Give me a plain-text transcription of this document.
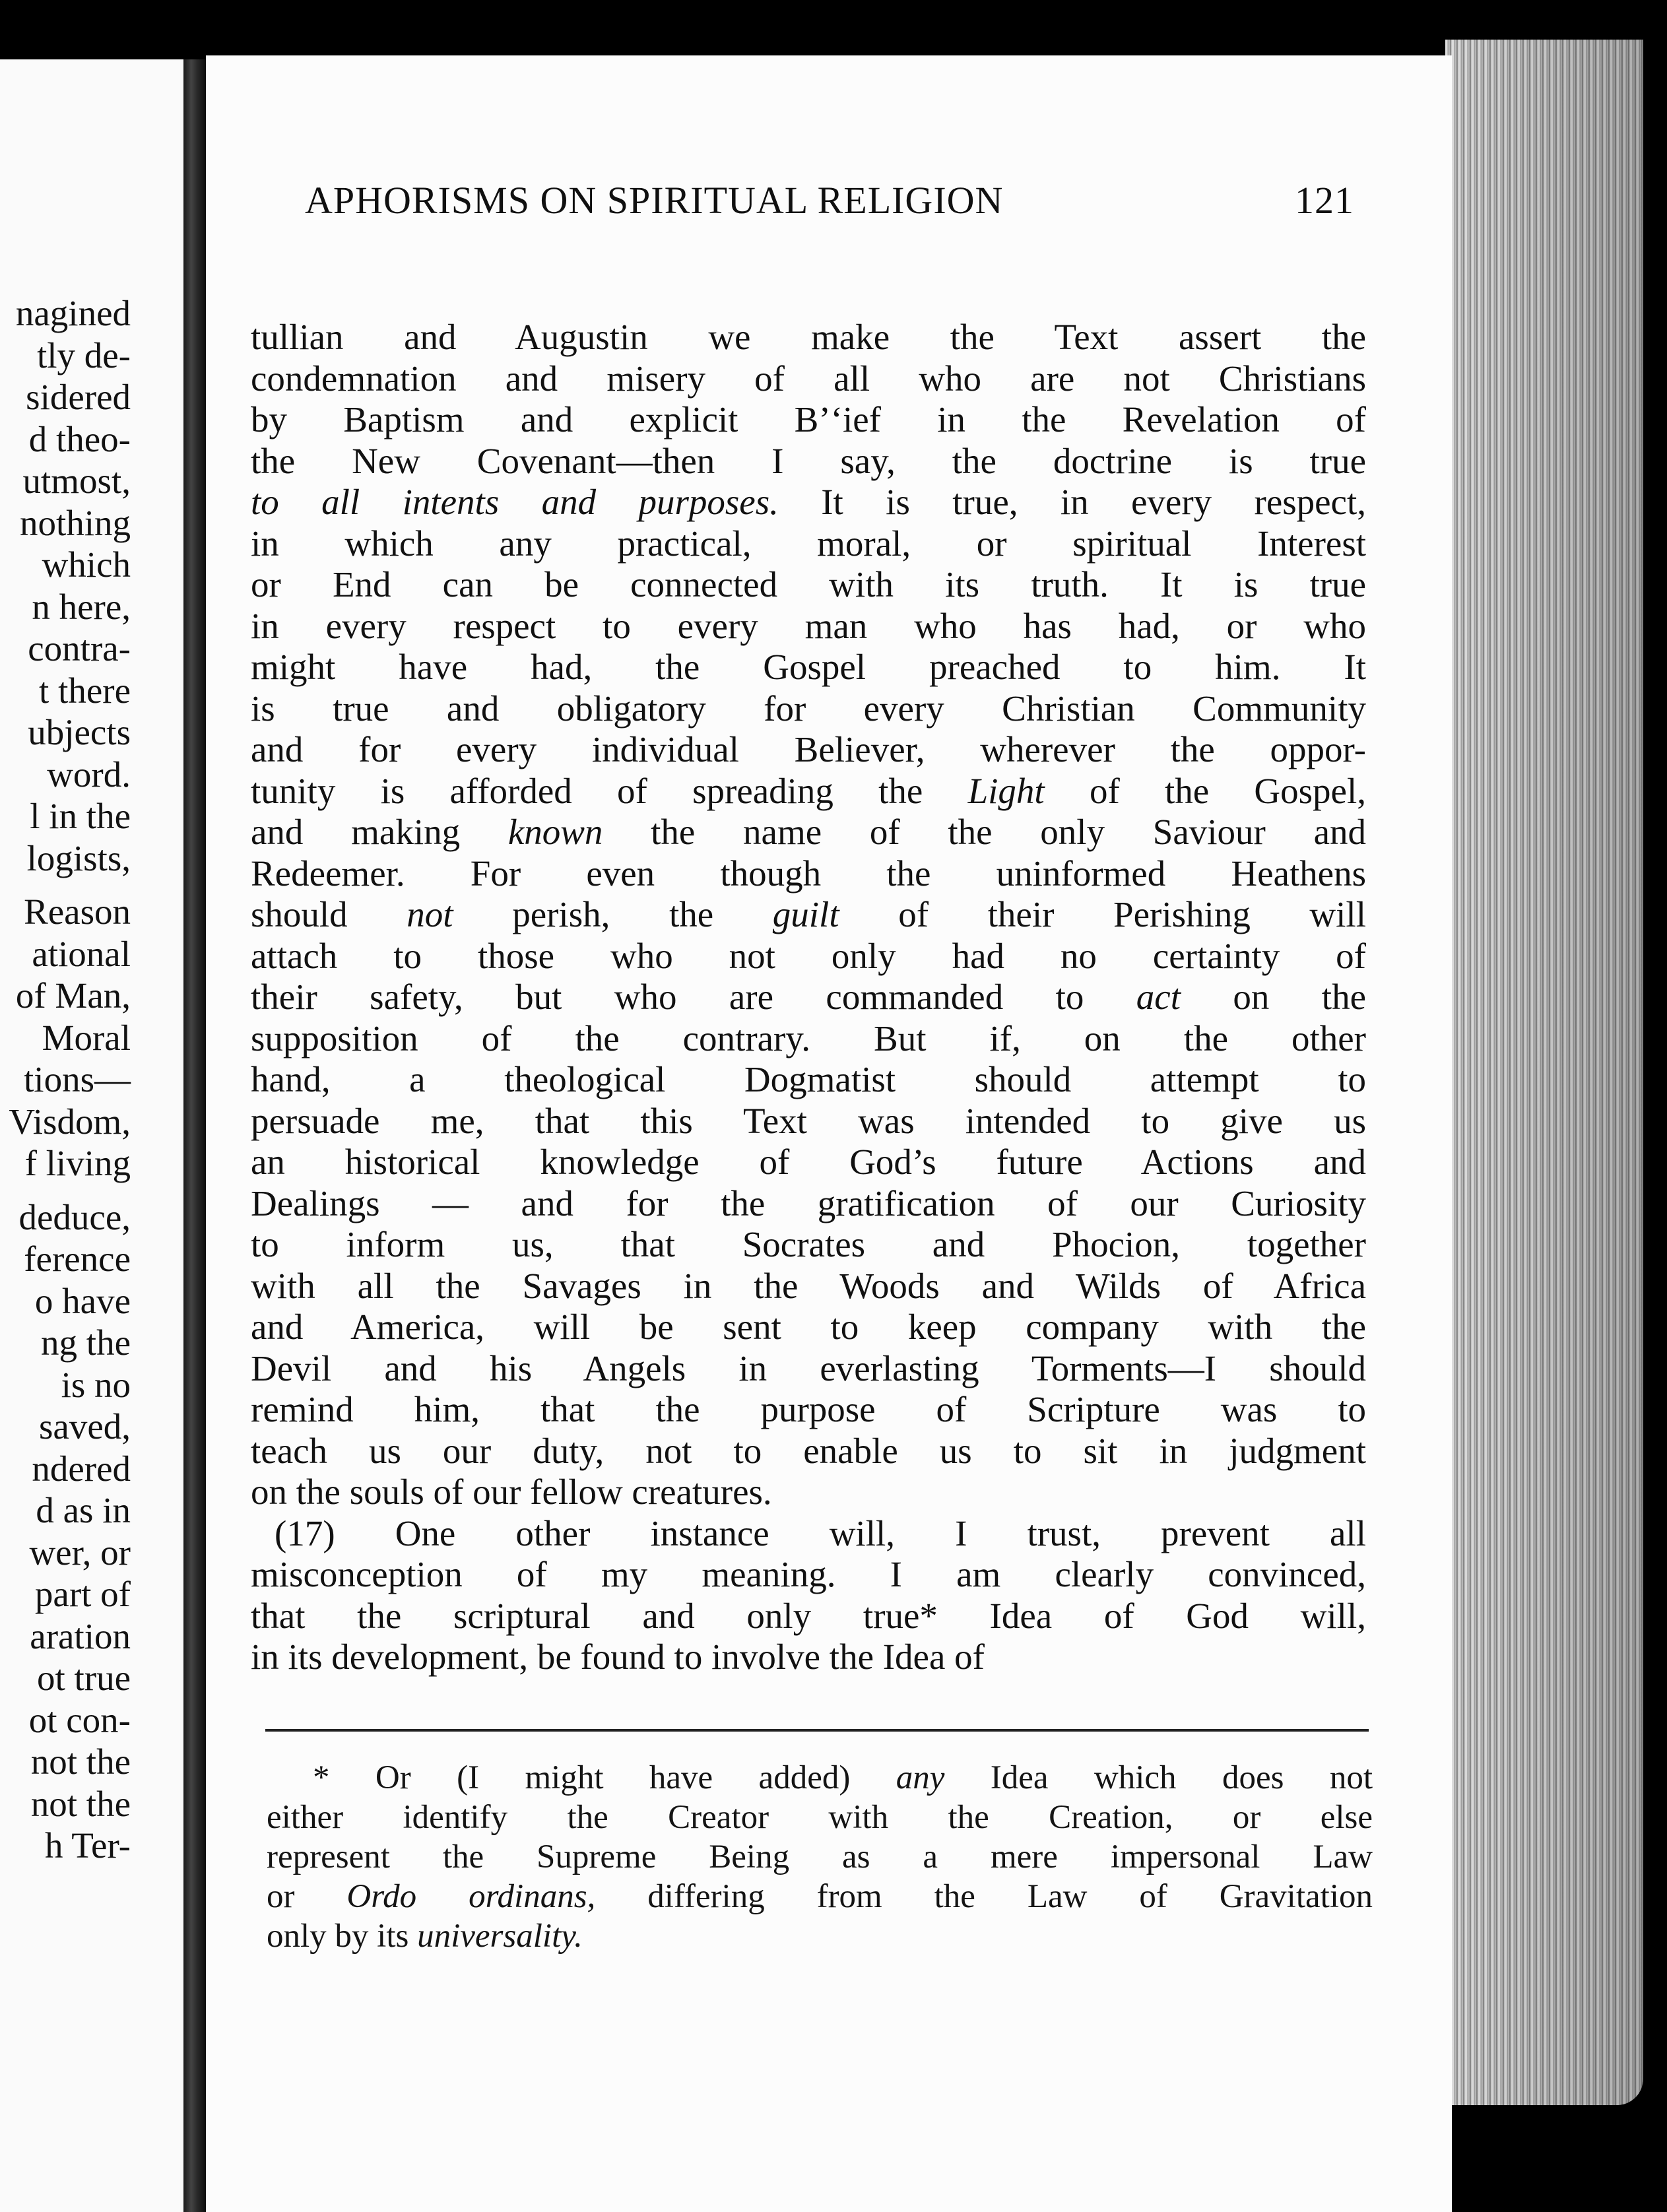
nagined
tly de-
sidered
d theo-
utmost,
nothing
which
n here,
contra-
t there
ubjects
word.
l in the
logists,
Reason
ational
of Man,
Moral
tions—
Visdom,
f living
deduce,
ference
o have
ng the
is no
saved,
ndered
d as in
wer, or
part of
aration
ot true
ot con-
not the
not the
h Ter-
APHORISMS ON SPIRITUAL RELIGION	121
tullian and Augustin we make the Text assert the
condemnation and misery of all who are not Christians
by Baptism and explicit B’‘ief in the Revelation of
the New Covenant—then I say, the doctrine is true
to all intents and purposes. It is true, in every respect,
in which any practical, moral, or spiritual Interest
or End can be connected with its truth. It is true
in every respect to every man who has had, or who
might have had, the Gospel preached to him. It
is true and obligatory for every Christian Community
and for every individual Believer, wherever the oppor-
tunity is afforded of spreading the Light of the Gospel,
and making known the name of the only Saviour and
Redeemer. For even though the uninformed Heathens
should not perish, the guilt of their Perishing will
attach to those who not only had no certainty of
their safety, but who are commanded to act on the
supposition of the contrary. But if, on the other
hand, a theological Dogmatist should attempt to
persuade me, that this Text was intended to give us
an historical knowledge of God’s future Actions and
Dealings — and for the gratification of our Curiosity
to inform us, that Socrates and Phocion, together
with all the Savages in the Woods and Wilds of Africa
and America, will be sent to keep company with the
Devil and his Angels in everlasting Torments—I should
remind him, that the purpose of Scripture was to
teach us our duty, not to enable us to sit in judgment
on the souls of our fellow creatures.
(17) One other instance will, I trust, prevent all
misconception of my meaning. I am clearly convinced,
that the scriptural and only true* Idea of God will,
in its development, be found to involve the Idea of
* Or (I might have added) any Idea which does not
either identify the Creator with the Creation, or else
represent the Supreme Being as a mere impersonal Law
or Ordo ordinans, differing from the Law of Gravitation
only by its universality.
